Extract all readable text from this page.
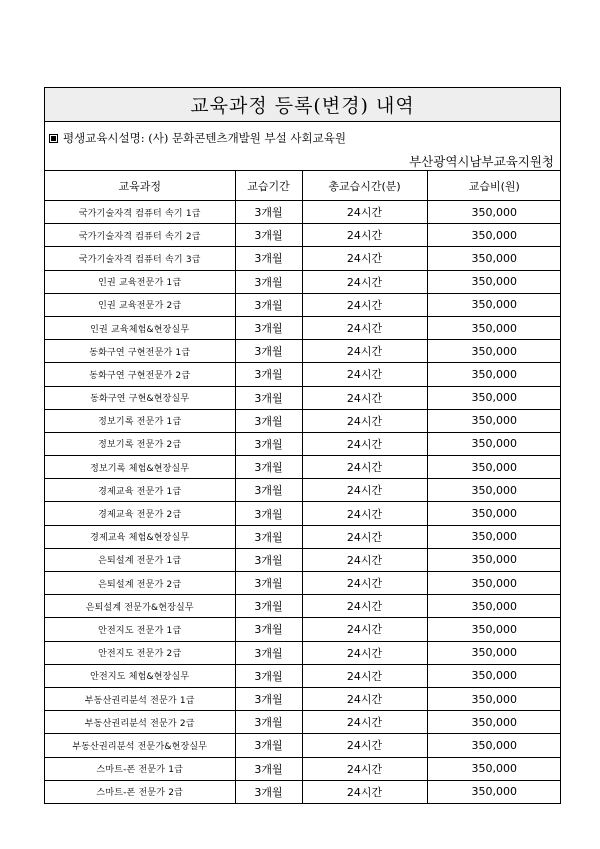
교육과정 등록(변경) 내역
평생교육시설명: (사) 문화콘텐츠개발원 부설 사회교육원
부산광역시남부교육지원청
교육과정	교습기간	총교습시간(분)	교습비(원)
국가기술자격 컴퓨터 속기 1급	3개월	24시간	350,000
국가기술자격 컴퓨터 속기 2급	3개월	24시간	350,000
국가기술자격 컴퓨터 속기 3급	3개월	24시간	350,000
인권 교육전문가 1급	3개월	24시간	350,000
인권 교육전문가 2급	3개월	24시간	350,000
인권 교육체험&현장실무	3개월	24시간	350,000
동화구연 구현전문가 1급	3개월	24시간	350,000
동화구연 구현전문가 2급	3개월	24시간	350,000
동화구연 구현&현장실무	3개월	24시간	350,000
정보기록 전문가 1급	3개월	24시간	350,000
정보기록 전문가 2급	3개월	24시간	350,000
정보기록 체험&현장실무	3개월	24시간	350,000
경제교육 전문가 1급	3개월	24시간	350,000
경제교육 전문가 2급	3개월	24시간	350,000
경제교육 체험&현장실무	3개월	24시간	350,000
은퇴설계 전문가 1급	3개월	24시간	350,000
은퇴설계 전문가 2급	3개월	24시간	350,000
은퇴설계 전문가&현장실무	3개월	24시간	350,000
안전지도 전문가 1급	3개월	24시간	350,000
안전지도 전문가 2급	3개월	24시간	350,000
안전지도 체험&현장실무	3개월	24시간	350,000
부동산권리분석 전문가 1급	3개월	24시간	350,000
부동산권리분석 전문가 2급	3개월	24시간	350,000
부동산권리분석 전문가&현장실무	3개월	24시간	350,000
스마트-폰 전문가 1급	3개월	24시간	350,000
스마트-폰 전문가 2급	3개월	24시간	350,000
